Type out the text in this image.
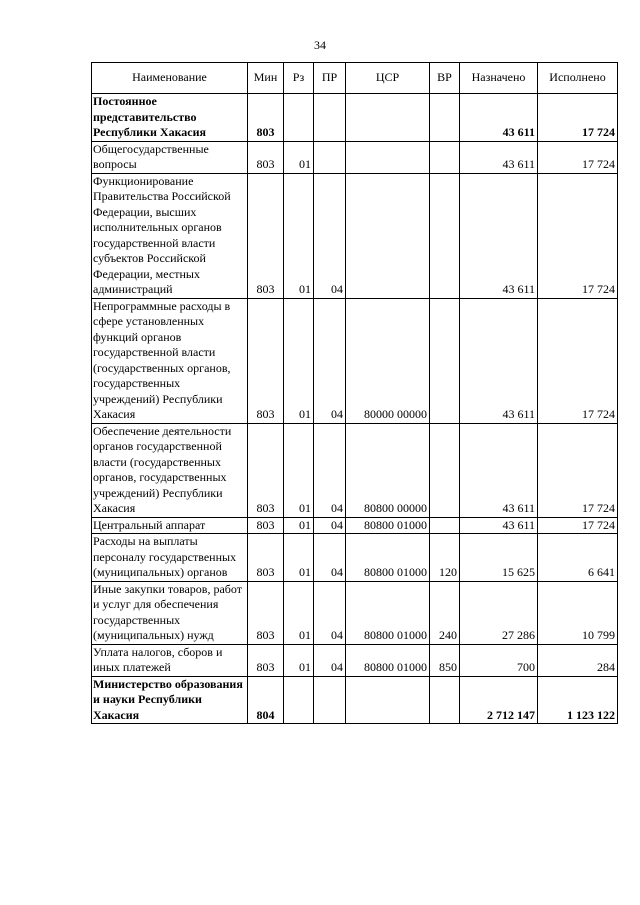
34
Наименование	Мин	Рз	ПР	ЦСР	ВР	Назначено	Исполнено
Постоянное представительство Республики Хакасия	803					43 611	17 724
Общегосударственные вопросы	803	01				43 611	17 724
Функционирование Правительства Российской Федерации, высших исполнительных органов государственной власти субъектов Российской Федерации, местных администраций	803	01	04			43 611	17 724
Непрограммные расходы в сфере установленных функций органов государственной власти (государственных органов, государственных учреждений) Республики Хакасия	803	01	04	80000 00000		43 611	17 724
Обеспечение деятельности органов государственной власти (государственных органов, государственных учреждений) Республики Хакасия	803	01	04	80800 00000		43 611	17 724
Центральный аппарат	803	01	04	80800 01000		43 611	17 724
Расходы на выплаты персоналу государственных (муниципальных) органов	803	01	04	80800 01000	120	15 625	6 641
Иные закупки товаров, работ и услуг для обеспечения государственных (муниципальных) нужд	803	01	04	80800 01000	240	27 286	10 799
Уплата налогов, сборов и иных платежей	803	01	04	80800 01000	850	700	284
Министерство образования и науки Республики Хакасия	804					2 712 147	1 123 122
